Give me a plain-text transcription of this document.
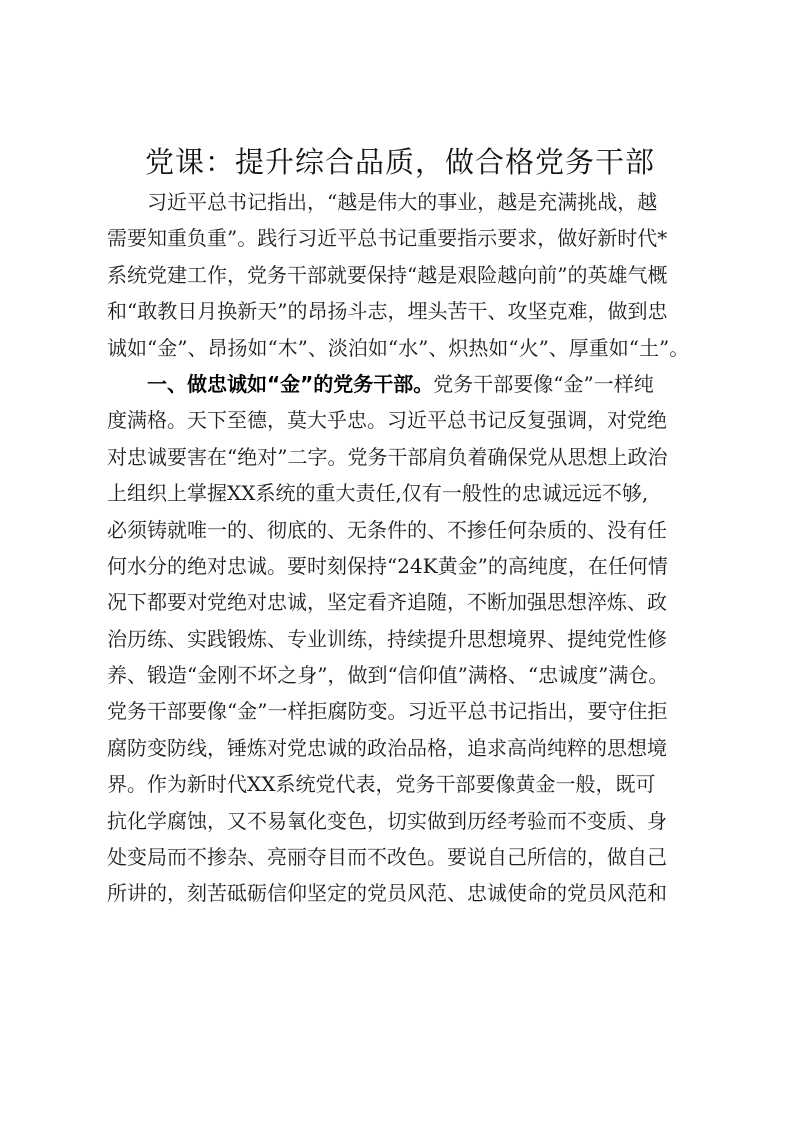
党课：提升综合品质，做合格党务干部
习近平总书记指出，“越是伟大的事业，越是充满挑战，越
需要知重负重”。践行习近平总书记重要指示要求，做好新时代*
系统党建工作，党务干部就要保持“越是艰险越向前”的英雄气概
和“敢教日月换新天”的昂扬斗志，埋头苦干、攻坚克难，做到忠
诚如“金”、昂扬如“木”、淡泊如“水”、炽热如“火”、厚重如“土”。
一、做忠诚如“金”的党务干部。党务干部要像“金”一样纯
度满格。天下至德，莫大乎忠。习近平总书记反复强调，对党绝
对忠诚要害在“绝对”二字。党务干部肩负着确保党从思想上政治
上组织上掌握XX系统的重大责任,仅有一般性的忠诚远远不够,
必须铸就唯一的、彻底的、无条件的、不掺任何杂质的、没有任
何水分的绝对忠诚。要时刻保持“24K黄金”的高纯度，在任何情
况下都要对党绝对忠诚，坚定看齐追随，不断加强思想淬炼、政
治历练、实践锻炼、专业训练，持续提升思想境界、提纯党性修
养、锻造“金刚不坏之身”，做到“信仰值”满格、“忠诚度”满仓。
党务干部要像“金”一样拒腐防变。习近平总书记指出，要守住拒
腐防变防线，锤炼对党忠诚的政治品格，追求高尚纯粹的思想境
界。作为新时代XX系统党代表，党务干部要像黄金一般，既可
抗化学腐蚀，又不易氧化变色，切实做到历经考验而不变质、身
处变局而不掺杂、亮丽夺目而不改色。要说自己所信的，做自己
所讲的，刻苦砥砺信仰坚定的党员风范、忠诚使命的党员风范和
